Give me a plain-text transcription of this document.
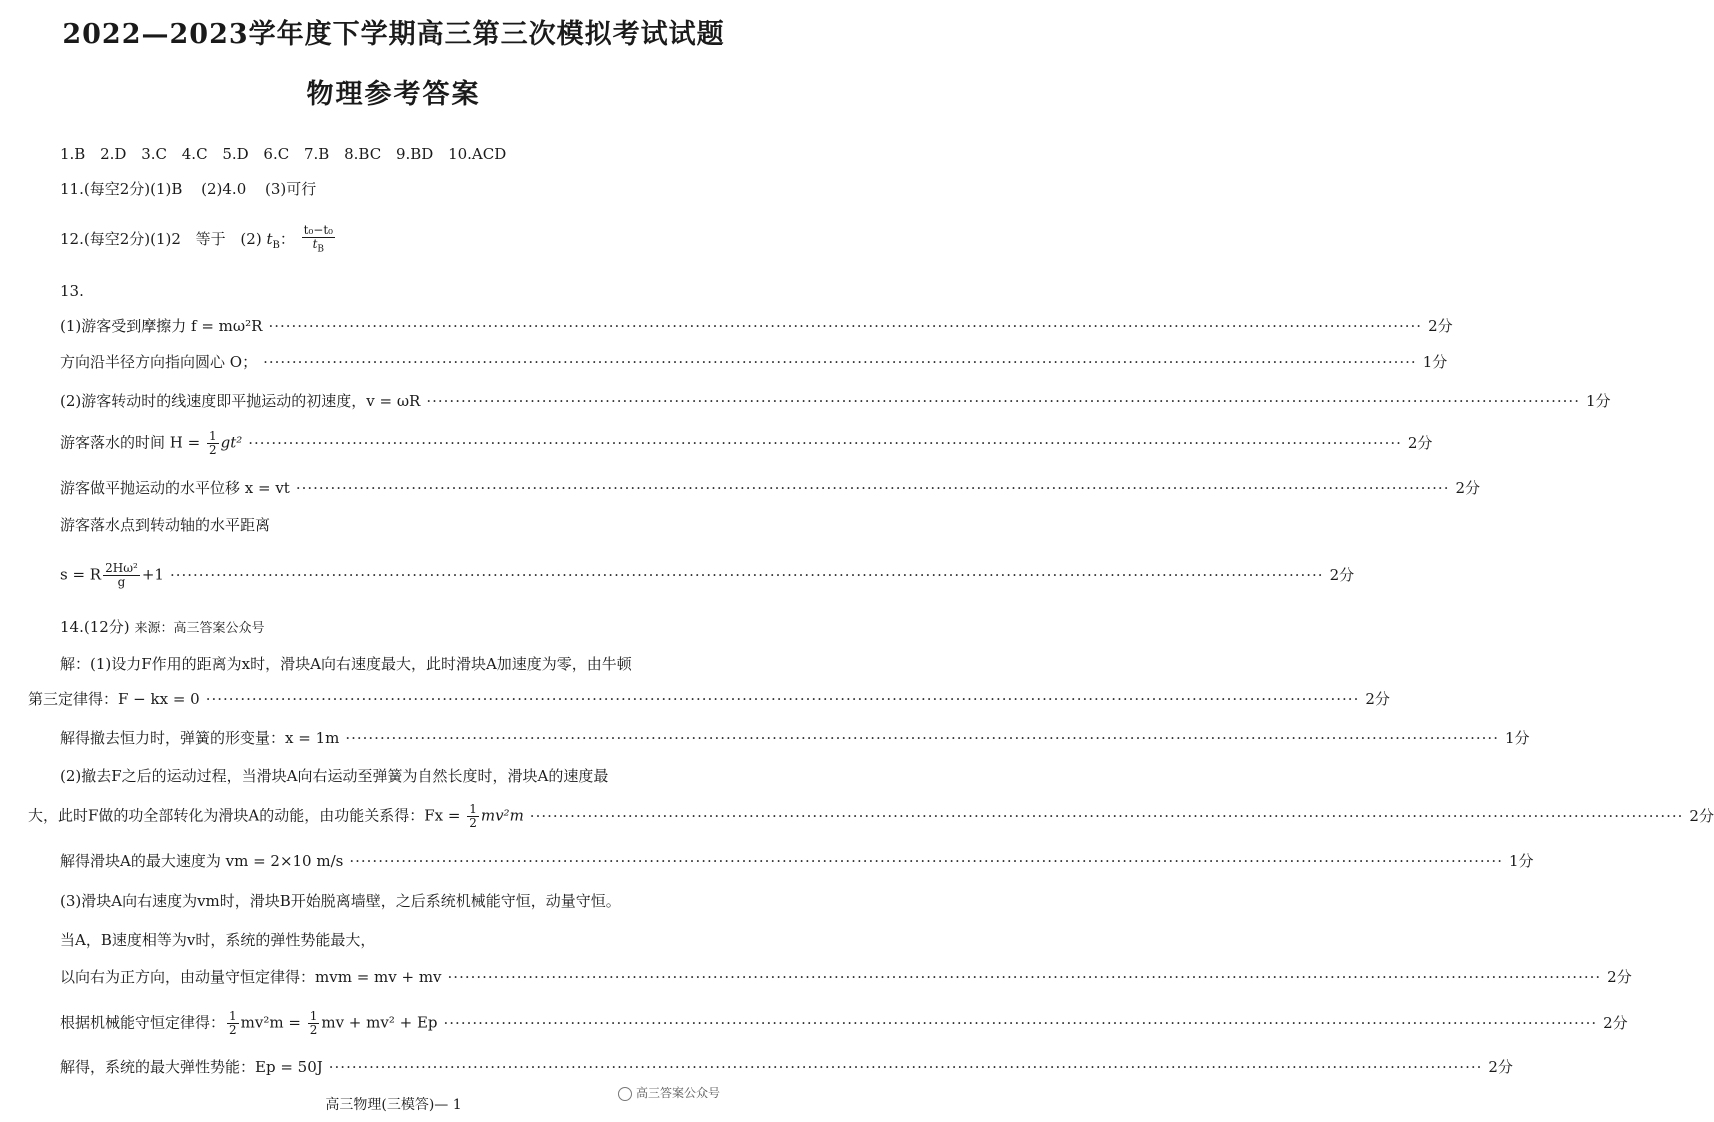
2022—2023学年度下学期高三第三次模拟考试试题
物理参考答案
1.B 2.D 3.C 4.C 5.D 6.C 7.B 8.BC 9.BD 10.ACD
11.(每空2分)(1)B (2)4.0 (3)可行
12.(每空2分)(1)2 等于 (2) $t_B$： $\frac{\text{t₀−t₀}}{t_B}$
13.
(1)游客受到摩擦力 f = mω²R ········································································································································································································ 2分
方向沿半径方向指向圆心 O； ········································································································································································································ 1分
(2)游客转动时的线速度即平抛运动的初速度，v = ωR ········································································································································································································ 1分
游客落水的时间 $H = \frac{1}{2} gt^2$ ········································································································································································································ 2分
游客做平抛运动的水平位移 x = vt ········································································································································································································ 2分
游客落水点到转动轴的水平距离
s = R $\frac{\text{2Hω²}}{g} +1$ ········································································································································································································ 2分
14.(12分) 来源：高三答案公众号
解：(1)设力F作用的距离为x时，滑块A向右速度最大，此时滑块A加速度为零，由牛顿
第三定律得：F − kx = 0 ········································································································································································································ 2分
解得撤去恒力时，弹簧的形变量：x = 1m ········································································································································································································ 1分
(2)撤去F之后的运动过程，当滑块A向右运动至弹簧为自然长度时，滑块A的速度最
大，此时F做的功全部转化为滑块A的动能，由功能关系得：$Fx = \frac{1}{2} mv^2m$ ········································································································································································································ 2分
解得滑块A的最大速度为 vm = 2×10 m/s ········································································································································································································ 1分
(3)滑块A向右速度为vm时，滑块B开始脱离墙壁，之后系统机械能守恒，动量守恒。
当A，B速度相等为v时，系统的弹性势能最大，
以向右为正方向，由动量守恒定律得：mvm = mv + mv ········································································································································································································ 2分
根据机械能守恒定律得： $\frac{1}{2} mv^2m = \frac{1}{2}$ mv + mv² + Ep ········································································································································································································ 2分
解得，系统的最大弹性势能：Ep = 50J ········································································································································································································ 2分
高三答案公众号
高三物理(三模答)— 1
